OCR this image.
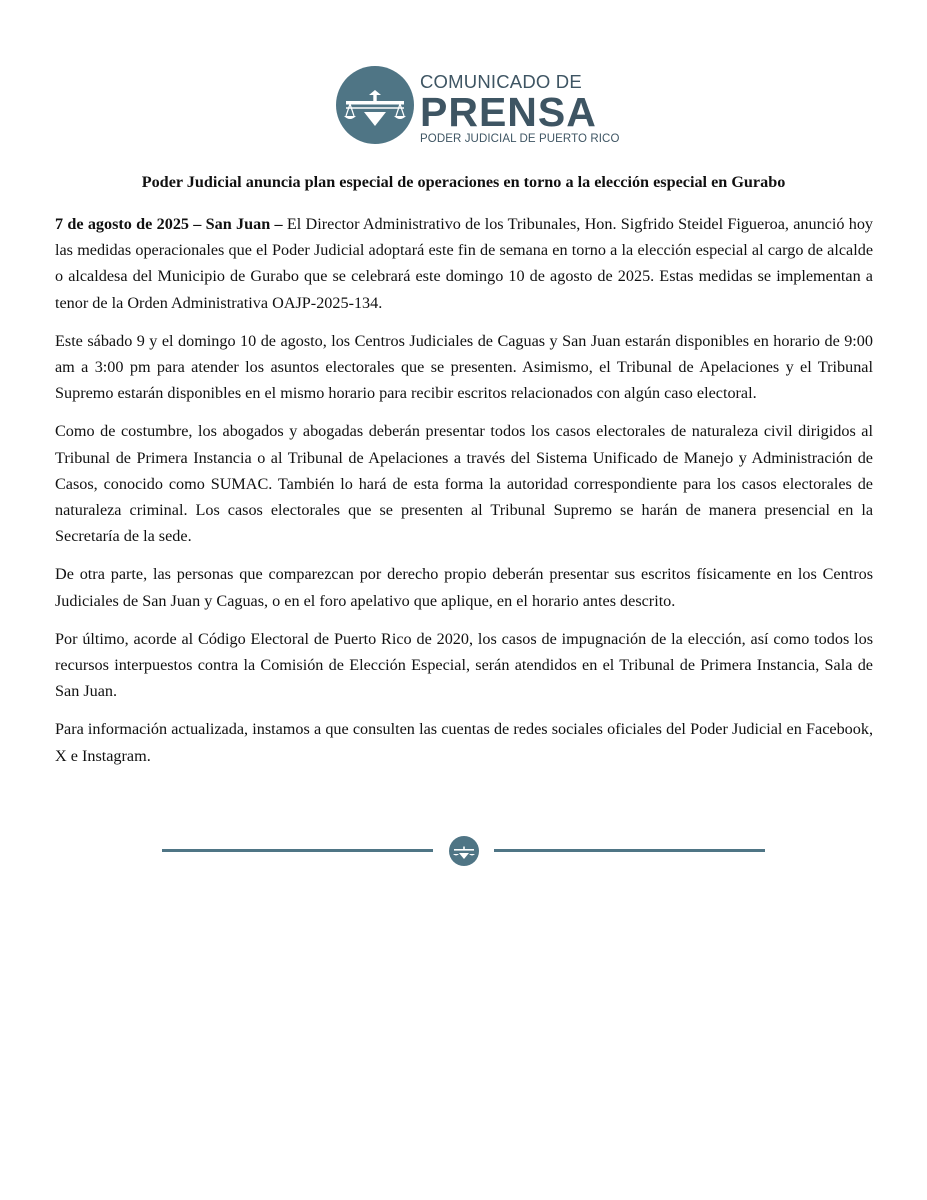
COMUNICADO DE
PRENSA
PODER JUDICIAL DE PUERTO RICO
Poder Judicial anuncia plan especial de operaciones en torno a la elección especial en Gurabo

7 de agosto de 2025 – San Juan – El Director Administrativo de los Tribunales, Hon. Sigfrido Steidel Figueroa, anunció hoy las medidas operacionales que el Poder Judicial adoptará este fin de semana en torno a la elección especial al cargo de alcalde o alcaldesa del Municipio de Gurabo que se celebrará este domingo 10 de agosto de 2025. Estas medidas se implementan a tenor de la Orden Administrativa OAJP-2025-134.

Este sábado 9 y el domingo 10 de agosto, los Centros Judiciales de Caguas y San Juan estarán disponibles en horario de 9:00 am a 3:00 pm para atender los asuntos electorales que se presenten. Asimismo, el Tribunal de Apelaciones y el Tribunal Supremo estarán disponibles en el mismo horario para recibir escritos relacionados con algún caso electoral.

Como de costumbre, los abogados y abogadas deberán presentar todos los casos electorales de naturaleza civil dirigidos al Tribunal de Primera Instancia o al Tribunal de Apelaciones a través del Sistema Unificado de Manejo y Administración de Casos, conocido como SUMAC. También lo hará de esta forma la autoridad correspondiente para los casos electorales de naturaleza criminal. Los casos electorales que se presenten al Tribunal Supremo se harán de manera presencial en la Secretaría de la sede.

De otra parte, las personas que comparezcan por derecho propio deberán presentar sus escritos físicamente en los Centros Judiciales de San Juan y Caguas, o en el foro apelativo que aplique, en el horario antes descrito.

Por último, acorde al Código Electoral de Puerto Rico de 2020, los casos de impugnación de la elección, así como todos los recursos interpuestos contra la Comisión de Elección Especial, serán atendidos en el Tribunal de Primera Instancia, Sala de San Juan.

Para información actualizada, instamos a que consulten las cuentas de redes sociales oficiales del Poder Judicial en Facebook, X e Instagram.
